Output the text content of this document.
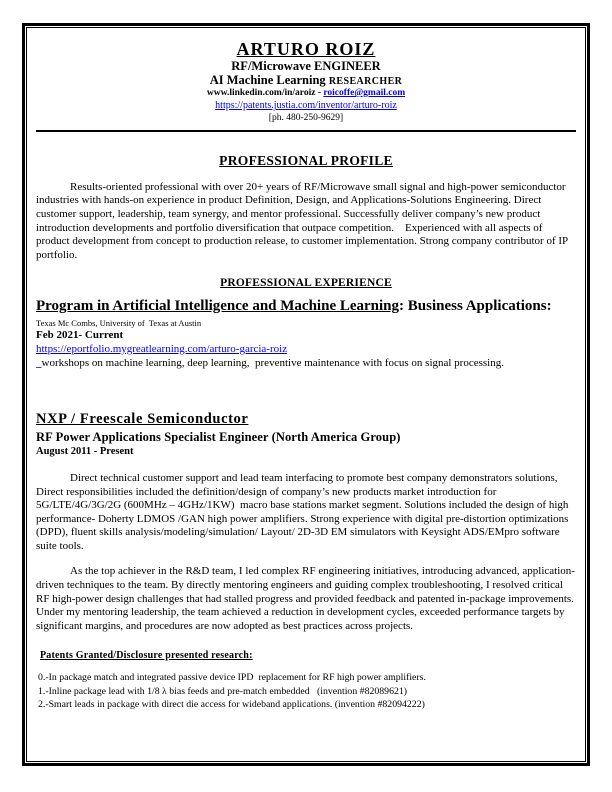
ARTURO ROIZ
RF/Microwave ENGINEER
AI Machine Learning RESEARCHER
www.linkedin.com/in/aroiz - roicoffe@gmail.com
https://patents.justia.com/inventor/arturo-roiz
[ph. 480-250-9629]
PROFESSIONAL PROFILE

Results-oriented professional with over 20+ years of RF/Microwave small signal and high-power semiconductor industries with hands-on experience in product Definition, Design, and Applications-Solutions Engineering. Direct customer support, leadership, team synergy, and mentor professional. Successfully deliver company’s new product introduction developments and portfolio diversification that outpace competition.    Experienced with all aspects of product development from concept to production release, to customer implementation. Strong company contributor of IP portfolio.

PROFESSIONAL EXPERIENCE
Program in Artificial Intelligence and Machine Learning: Business Applications:
Texas Mc Combs, University of  Texas at Austin
Feb 2021- Current
https://eportfolio.mygreatlearning.com/arturo-garcia-roiz
_workshops on machine learning, deep learning,  preventive maintenance with focus on signal processing.
NXP / Freescale Semiconductor
RF Power Applications Specialist Engineer (North America Group)
August 2011 - Present

Direct technical customer support and lead team interfacing to promote best company demonstrators solutions, Direct responsibilities included the definition/design of company’s new products market introduction for 5G/LTE/4G/3G/2G (600MHz – 4GHz/1KW)  macro base stations market segment. Solutions included the design of high performance- Doherty LDMOS /GAN high power amplifiers. Strong experience with digital pre-distortion optimizations (DPD), fluent skills analysis/modeling/simulation/ Layout/ 2D-3D EM simulators with Keysight ADS/EMpro software suite tools.

As the top achiever in the R&D team, I led complex RF engineering initiatives, introducing advanced, application-driven techniques to the team. By directly mentoring engineers and guiding complex troubleshooting, I resolved critical RF high-power design challenges that had stalled progress and provided feedback and patented in-package improvements. Under my mentoring leadership, the team achieved a reduction in development cycles, exceeded performance targets by significant margins, and procedures are now adopted as best practices across projects.

Patents Granted/Disclosure presented research:
0.-In package match and integrated passive device IPD  replacement for RF high power amplifiers.
1.-Inline package lead with 1/8 λ bias feeds and pre-match embedded   (invention #82089621)
2.-Smart leads in package with direct die access for wideband applications. (invention #82094222)
